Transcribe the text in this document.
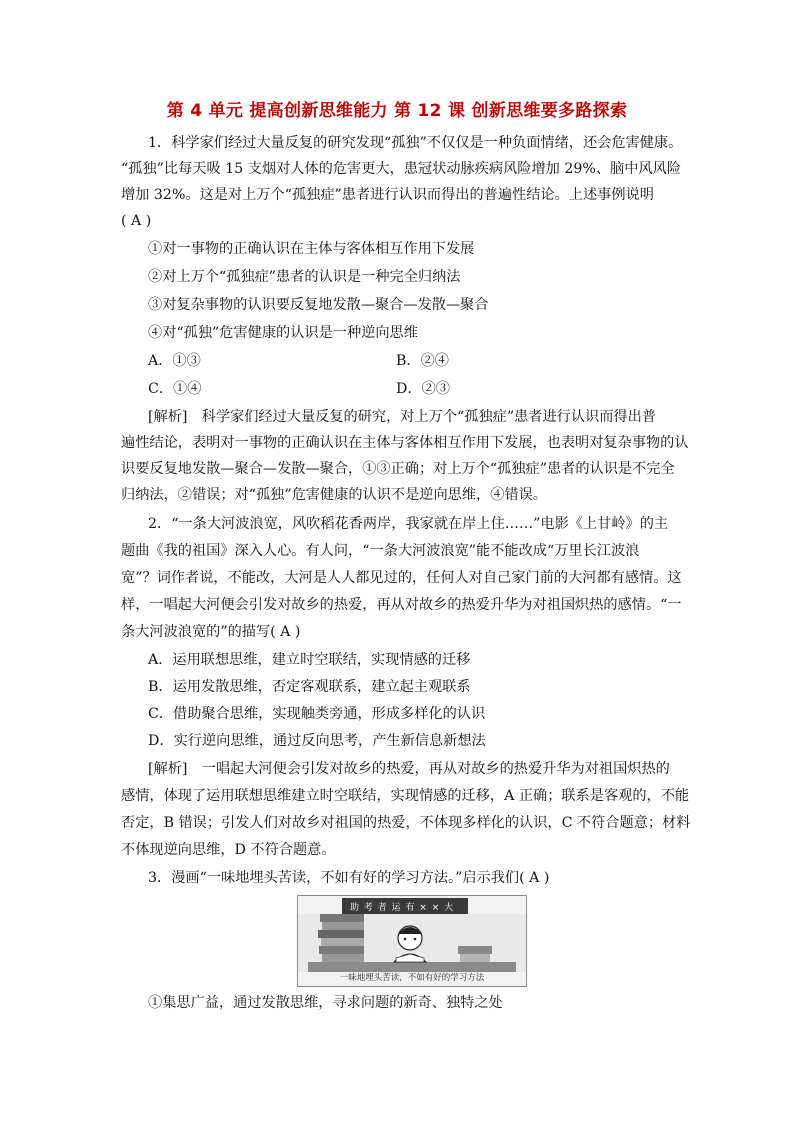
第 4 单元 提高创新思维能力 第 12 课 创新思维要多路探索
1．科学家们经过大量反复的研究发现“孤独”不仅仅是一种负面情绪，还会危害健康。
“孤独”比每天吸 15 支烟对人体的危害更大，患冠状动脉疾病风险增加 29%、脑中风风险
增加 32%。这是对上万个“孤独症”患者进行认识而得出的普遍性结论。上述事例说明
( A )
①对一事物的正确认识在主体与客体相互作用下发展
②对上万个“孤独症”患者的认识是一种完全归纳法
③对复杂事物的认识要反复地发散—聚合—发散—聚合
④对“孤独”危害健康的认识是一种逆向思维
A．①③	B．②④
C．①④	D．②③
[解析]　科学家们经过大量反复的研究，对上万个“孤独症”患者进行认识而得出普
遍性结论，表明对一事物的正确认识在主体与客体相互作用下发展，也表明对复杂事物的认
识要反复地发散—聚合—发散—聚合，①③正确；对上万个“孤独症”患者的认识是不完全
归纳法，②错误；对“孤独”危害健康的认识不是逆向思维，④错误。
2．“一条大河波浪宽，风吹稻花香两岸，我家就在岸上住……”电影《上甘岭》的主
题曲《我的祖国》深入人心。有人问，“一条大河波浪宽”能不能改成“万里长江波浪
宽”？词作者说，不能改，大河是人人都见过的，任何人对自己家门前的大河都有感情。这
样，一唱起大河便会引发对故乡的热爱，再从对故乡的热爱升华为对祖国炽热的感情。“一
条大河波浪宽的”的描写( A )
A．运用联想思维，建立时空联结，实现情感的迁移
B．运用发散思维，否定客观联系，建立起主观联系
C．借助聚合思维，实现触类旁通，形成多样化的认识
D．实行逆向思维，通过反向思考，产生新信息新想法
[解析]　一唱起大河便会引发对故乡的热爱，再从对故乡的热爱升华为对祖国炽热的
感情，体现了运用联想思维建立时空联结，实现情感的迁移，A 正确；联系是客观的，不能
否定，B 错误；引发人们对故乡对祖国的热爱，不体现多样化的认识，C 不符合题意；材料
不体现逆向思维，D 不符合题意。
3．漫画“一味地埋头苦读，不如有好的学习方法。”启示我们( A )
助 考 者 运 有 × × 大
一味地埋头苦读，不如有好的学习方法
①集思广益，通过发散思维，寻求问题的新奇、独特之处
